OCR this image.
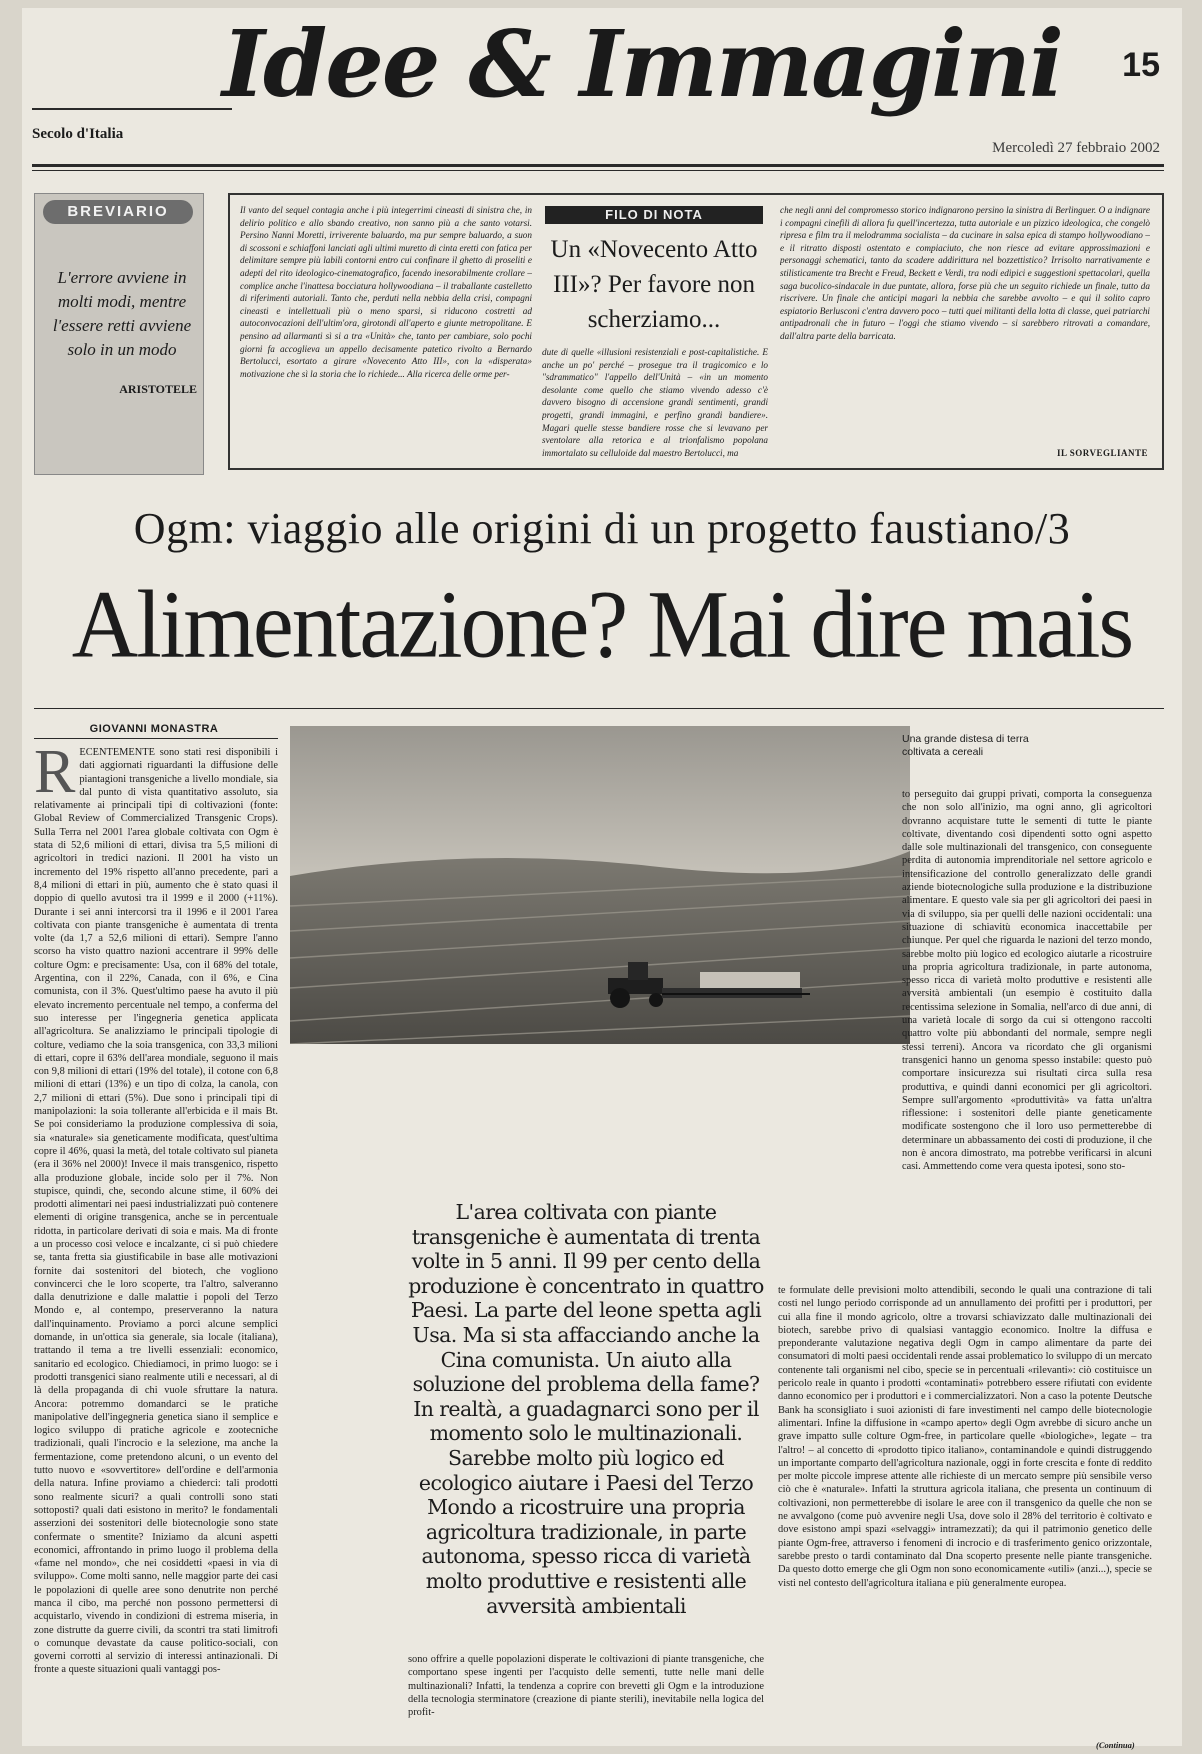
Secolo d'Italia
Idee & Immagini 15
Mercoledì 27 febbraio 2002
BREVIARIO
L'errore avviene in molti modi, mentre l'essere retti avviene solo in un modo
ARISTOTELE
Il vanto del sequel contagia anche i più integerrimi cineasti di sinistra che, in delirio politico e allo sbando creativo, non sanno più a che santo votarsi. Persino Nanni Moretti, irriverente baluardo, ma pur sempre baluardo, a suon di scossoni e schiaffoni lanciati agli ultimi muretto di cinta eretti con fatica per delimitare sempre più labili contorni entro cui confinare il ghetto di proseliti e adepti del rito ideologico-cinematografico, facendo inesorabilmente crollare – complice anche l'inattesa bocciatura hollywoodiana – il traballante castelletto di riferimenti autoriali. Tanto che, perduti nella nebbia della crisi, compagni cineasti e intellettuali più o meno sparsi, si riducono costretti ad autoconvocazioni dell'ultim'ora, girotondi all'aperto e giunte metropolitane. E pensino ad allarmanti sì si a tra «Unità» che, tanto per cambiare, solo pochi giorni fa accoglieva un appello decisamente patetico rivolto a Bernardo Bertolucci, esortato a girare «Novecento Atto III», con la «disperata» motivazione che sì la storia che lo richiede... Alla ricerca delle orme per-
FILO DI NOTA
Un «Novecento Atto III»? Per favore non scherziamo...
dute di quelle «illusioni resistenziali e post-capitalistiche. E anche un po' perché – prosegue tra il tragicomico e lo "sdrammatico" l'appello dell'Unità – «in un momento desolante come quello che stiamo vivendo adesso c'è davvero bisogno di accensione grandi sentimenti, grandi progetti, grandi immagini, e perfino grandi bandiere». Magari quelle stesse bandiere rosse che si levavano per sventolare alla retorica e al trionfalismo popolana immortalato su celluloide dal maestro Bertolucci, ma
che negli anni del compromesso storico indignarono persino la sinistra di Berlinguer. O a indignare i compagni cinefili di allora fu quell'incertezza, tutta autoriale e un pizzico ideologica, che congelò ripresa e film tra il melodramma socialista – da cucinare in salsa epica di stampo hollywoodiano – e il ritratto disposti ostentato e compiaciuto, che non riesce ad evitare approssimazioni e personaggi schematici, tanto da scadere addirittura nel bozzettistico? Irrisolto narrativamente e stilisticamente tra Brecht e Freud, Beckett e Verdi, tra nodi edipici e suggestioni spettacolari, quella saga bucolico-sindacale in due puntate, allora, forse più che un seguito richiede un finale, tutto da riscrivere. Un finale che anticipi magari la nebbia che sarebbe avvolto – e qui il solito capro espiatorio Berlusconi c'entra davvero poco – tutti quei militanti della lotta di classe, quei patriarchi antipadronali che in futuro – l'oggi che stiamo vivendo – si sarebbero ritrovati a comandare, dall'altra parte della barricata.
IL SORVEGLIANTE
Ogm: viaggio alle origini di un progetto faustiano/3
Alimentazione? Mai dire mais
GIOVANNI MONASTRA
RECENTEMENTE sono stati resi disponibili i dati aggiornati riguardanti la diffusione delle piantagioni transgeniche a livello mondiale, sia dal punto di vista quantitativo assoluto, sia relativamente ai principali tipi di coltivazioni (fonte: Global Review of Commercialized Transgenic Crops). Sulla Terra nel 2001 l'area globale coltivata con Ogm è stata di 52,6 milioni di ettari, divisa tra 5,5 milioni di agricoltori in tredici nazioni. Il 2001 ha visto un incremento del 19% rispetto all'anno precedente, pari a 8,4 milioni di ettari in più, aumento che è stato quasi il doppio di quello avutosi tra il 1999 e il 2000 (+11%). Durante i sei anni intercorsi tra il 1996 e il 2001 l'area coltivata con piante transgeniche è aumentata di trenta volte (da 1,7 a 52,6 milioni di ettari). Sempre l'anno scorso ha visto quattro nazioni accentrare il 99% delle colture Ogm: e precisamente: Usa, con il 68% del totale, Argentina, con il 22%, Canada, con il 6%, e Cina comunista, con il 3%. Quest'ultimo paese ha avuto il più elevato incremento percentuale nel tempo, a conferma del suo interesse per l'ingegneria genetica applicata all'agricoltura. Se analizziamo le principali tipologie di colture, vediamo che la soia transgenica, con 33,3 milioni di ettari, copre il 63% dell'area mondiale, seguono il mais con 9,8 milioni di ettari (19% del totale), il cotone con 6,8 milioni di ettari (13%) e un tipo di colza, la canola, con 2,7 milioni di ettari (5%). Due sono i principali tipi di manipolazioni: la soia tollerante all'erbicida e il mais Bt. Se poi consideriamo la produzione complessiva di soia, sia «naturale» sia geneticamente modificata, quest'ultima copre il 46%, quasi la metà, del totale coltivato sul pianeta (era il 36% nel 2000)! Invece il mais transgenico, rispetto alla produzione globale, incide solo per il 7%. Non stupisce, quindi, che, secondo alcune stime, il 60% dei prodotti alimentari nei paesi industrializzati può contenere elementi di origine transgenica, anche se in percentuale ridotta, in particolare derivati di soia e mais. Ma di fronte a un processo così veloce e incalzante, ci si può chiedere se, tanta fretta sia giustificabile in base alle motivazioni fornite dai sostenitori del biotech, che vogliono convincerci che le loro scoperte, tra l'altro, salveranno dalla denutrizione e dalle malattie i popoli del Terzo Mondo e, al contempo, preserveranno la natura dall'inquinamento. Proviamo a porci alcune semplici domande, in un'ottica sia generale, sia locale (italiana), trattando il tema a tre livelli essenziali: economico, sanitario ed ecologico. Chiediamoci, in primo luogo: se i prodotti transgenici siano realmente utili e necessari, al di là della propaganda di chi vuole sfruttare la natura. Ancora: potremmo domandarci se le pratiche manipolative dell'ingegneria genetica siano il semplice e logico sviluppo di pratiche agricole e zootecniche tradizionali, quali l'incrocio e la selezione, ma anche la fermentazione, come pretendono alcuni, o un evento del tutto nuovo e «sovvertitore» dell'ordine e dell'armonia della natura. Infine proviamo a chiederci: tali prodotti sono realmente sicuri? a quali controlli sono stati sottoposti? quali dati esistono in merito? le fondamentali asserzioni dei sostenitori delle biotecnologie sono state confermate o smentite? Iniziamo da alcuni aspetti economici, affrontando in primo luogo il problema della «fame nel mondo», che nei cosiddetti «paesi in via di sviluppo». Come molti sanno, nelle maggior parte dei casi le popolazioni di quelle aree sono denutrite non perché manca il cibo, ma perché non possono permettersi di acquistarlo, vivendo in condizioni di estrema miseria, in zone distrutte da guerre civili, da scontri tra stati limitrofi o comunque devastate da cause politico-sociali, con governi corrotti al servizio di interessi antinazionali. Di fronte a queste situazioni quali vantaggi pos-
Una grande distesa di terra coltivata a cereali
to perseguito dai gruppi privati, comporta la conseguenza che non solo all'inizio, ma ogni anno, gli agricoltori dovranno acquistare tutte le sementi di tutte le piante coltivate, diventando così dipendenti sotto ogni aspetto dalle sole multinazionali del transgenico, con conseguente perdita di autonomia imprenditoriale nel settore agricolo e intensificazione del controllo generalizzato delle grandi aziende biotecnologiche sulla produzione e la distribuzione alimentare. E questo vale sia per gli agricoltori dei paesi in via di sviluppo, sia per quelli delle nazioni occidentali: una situazione di schiavitù economica inaccettabile per chiunque. Per quel che riguarda le nazioni del terzo mondo, sarebbe molto più logico ed ecologico aiutarle a ricostruire una propria agricoltura tradizionale, in parte autonoma, spesso ricca di varietà molto produttive e resistenti alle avversità ambientali (un esempio è costituito dalla recentissima selezione in Somalia, nell'arco di due anni, di una varietà locale di sorgo da cui si ottengono raccolti quattro volte più abbondanti del normale, sempre negli stessi terreni). Ancora va ricordato che gli organismi transgenici hanno un genoma spesso instabile: questo può comportare insicurezza sui risultati circa sulla resa produttiva, e quindi danni economici per gli agricoltori. Sempre sull'argomento «produttività» va fatta un'altra riflessione: i sostenitori delle piante geneticamente modificate sostengono che il loro uso permetterebbe di determinare un abbassamento dei costi di produzione, il che non è ancora dimostrato, ma potrebbe verificarsi in alcuni casi. Ammettendo come vera questa ipotesi, sono sto-
L'area coltivata con piante transgeniche è aumentata di trenta volte in 5 anni. Il 99 per cento della produzione è concentrato in quattro Paesi. La parte del leone spetta agli Usa. Ma si sta affacciando anche la Cina comunista. Un aiuto alla soluzione del problema della fame? In realtà, a guadagnarci sono per il momento solo le multinazionali. Sarebbe molto più logico ed ecologico aiutare i Paesi del Terzo Mondo a ricostruire una propria agricoltura tradizionale, in parte autonoma, spesso ricca di varietà molto produttive e resistenti alle avversità ambientali
sono offrire a quelle popolazioni disperate le coltivazioni di piante transgeniche, che comportano spese ingenti per l'acquisto delle sementi, tutte nelle mani delle multinazionali? Infatti, la tendenza a coprire con brevetti gli Ogm e la introduzione della tecnologia sterminatore (creazione di piante sterili), inevitabile nella logica del profit-
te formulate delle previsioni molto attendibili, secondo le quali una contrazione di tali costi nel lungo periodo corrisponde ad un annullamento dei profitti per i produttori, per cui alla fine il mondo agricolo, oltre a trovarsi schiavizzato dalle multinazionali dei biotech, sarebbe privo di qualsiasi vantaggio economico. Inoltre la diffusa e preponderante valutazione negativa degli Ogm in campo alimentare da parte dei consumatori di molti paesi occidentali rende assai problematico lo sviluppo di un mercato contenente tali organismi nel cibo, specie se in percentuali «rilevanti»: ciò costituisce un pericolo reale in quanto i prodotti «contaminati» potrebbero essere rifiutati con evidente danno economico per i produttori e i commercializzatori. Non a caso la potente Deutsche Bank ha sconsigliato i suoi azionisti di fare investimenti nel campo delle biotecnologie alimentari. Infine la diffusione in «campo aperto» degli Ogm avrebbe di sicuro anche un grave impatto sulle colture Ogm-free, in particolare quelle «biologiche», legate – tra l'altro! – al concetto di «prodotto tipico italiano», contaminandole e quindi distruggendo un importante comparto dell'agricoltura nazionale, oggi in forte crescita e fonte di reddito per molte piccole imprese attente alle richieste di un mercato sempre più sensibile verso ciò che è «naturale». Infatti la struttura agricola italiana, che presenta un continuum di coltivazioni, non permetterebbe di isolare le aree con il transgenico da quelle che non se ne avvalgono (come può avvenire negli Usa, dove solo il 28% del territorio è coltivato e dove esistono ampi spazi «selvaggi» intramezzati); da qui il patrimonio genetico delle piante Ogm-free, attraverso i fenomeni di incrocio e di trasferimento genico orizzontale, sarebbe presto o tardi contaminato dal Dna scoperto presente nelle piante transgeniche. Da questo dotto emerge che gli Ogm non sono economicamente «utili» (anzi...), specie se visti nel contesto dell'agricoltura italiana e più generalmente europea.
(Continua)
